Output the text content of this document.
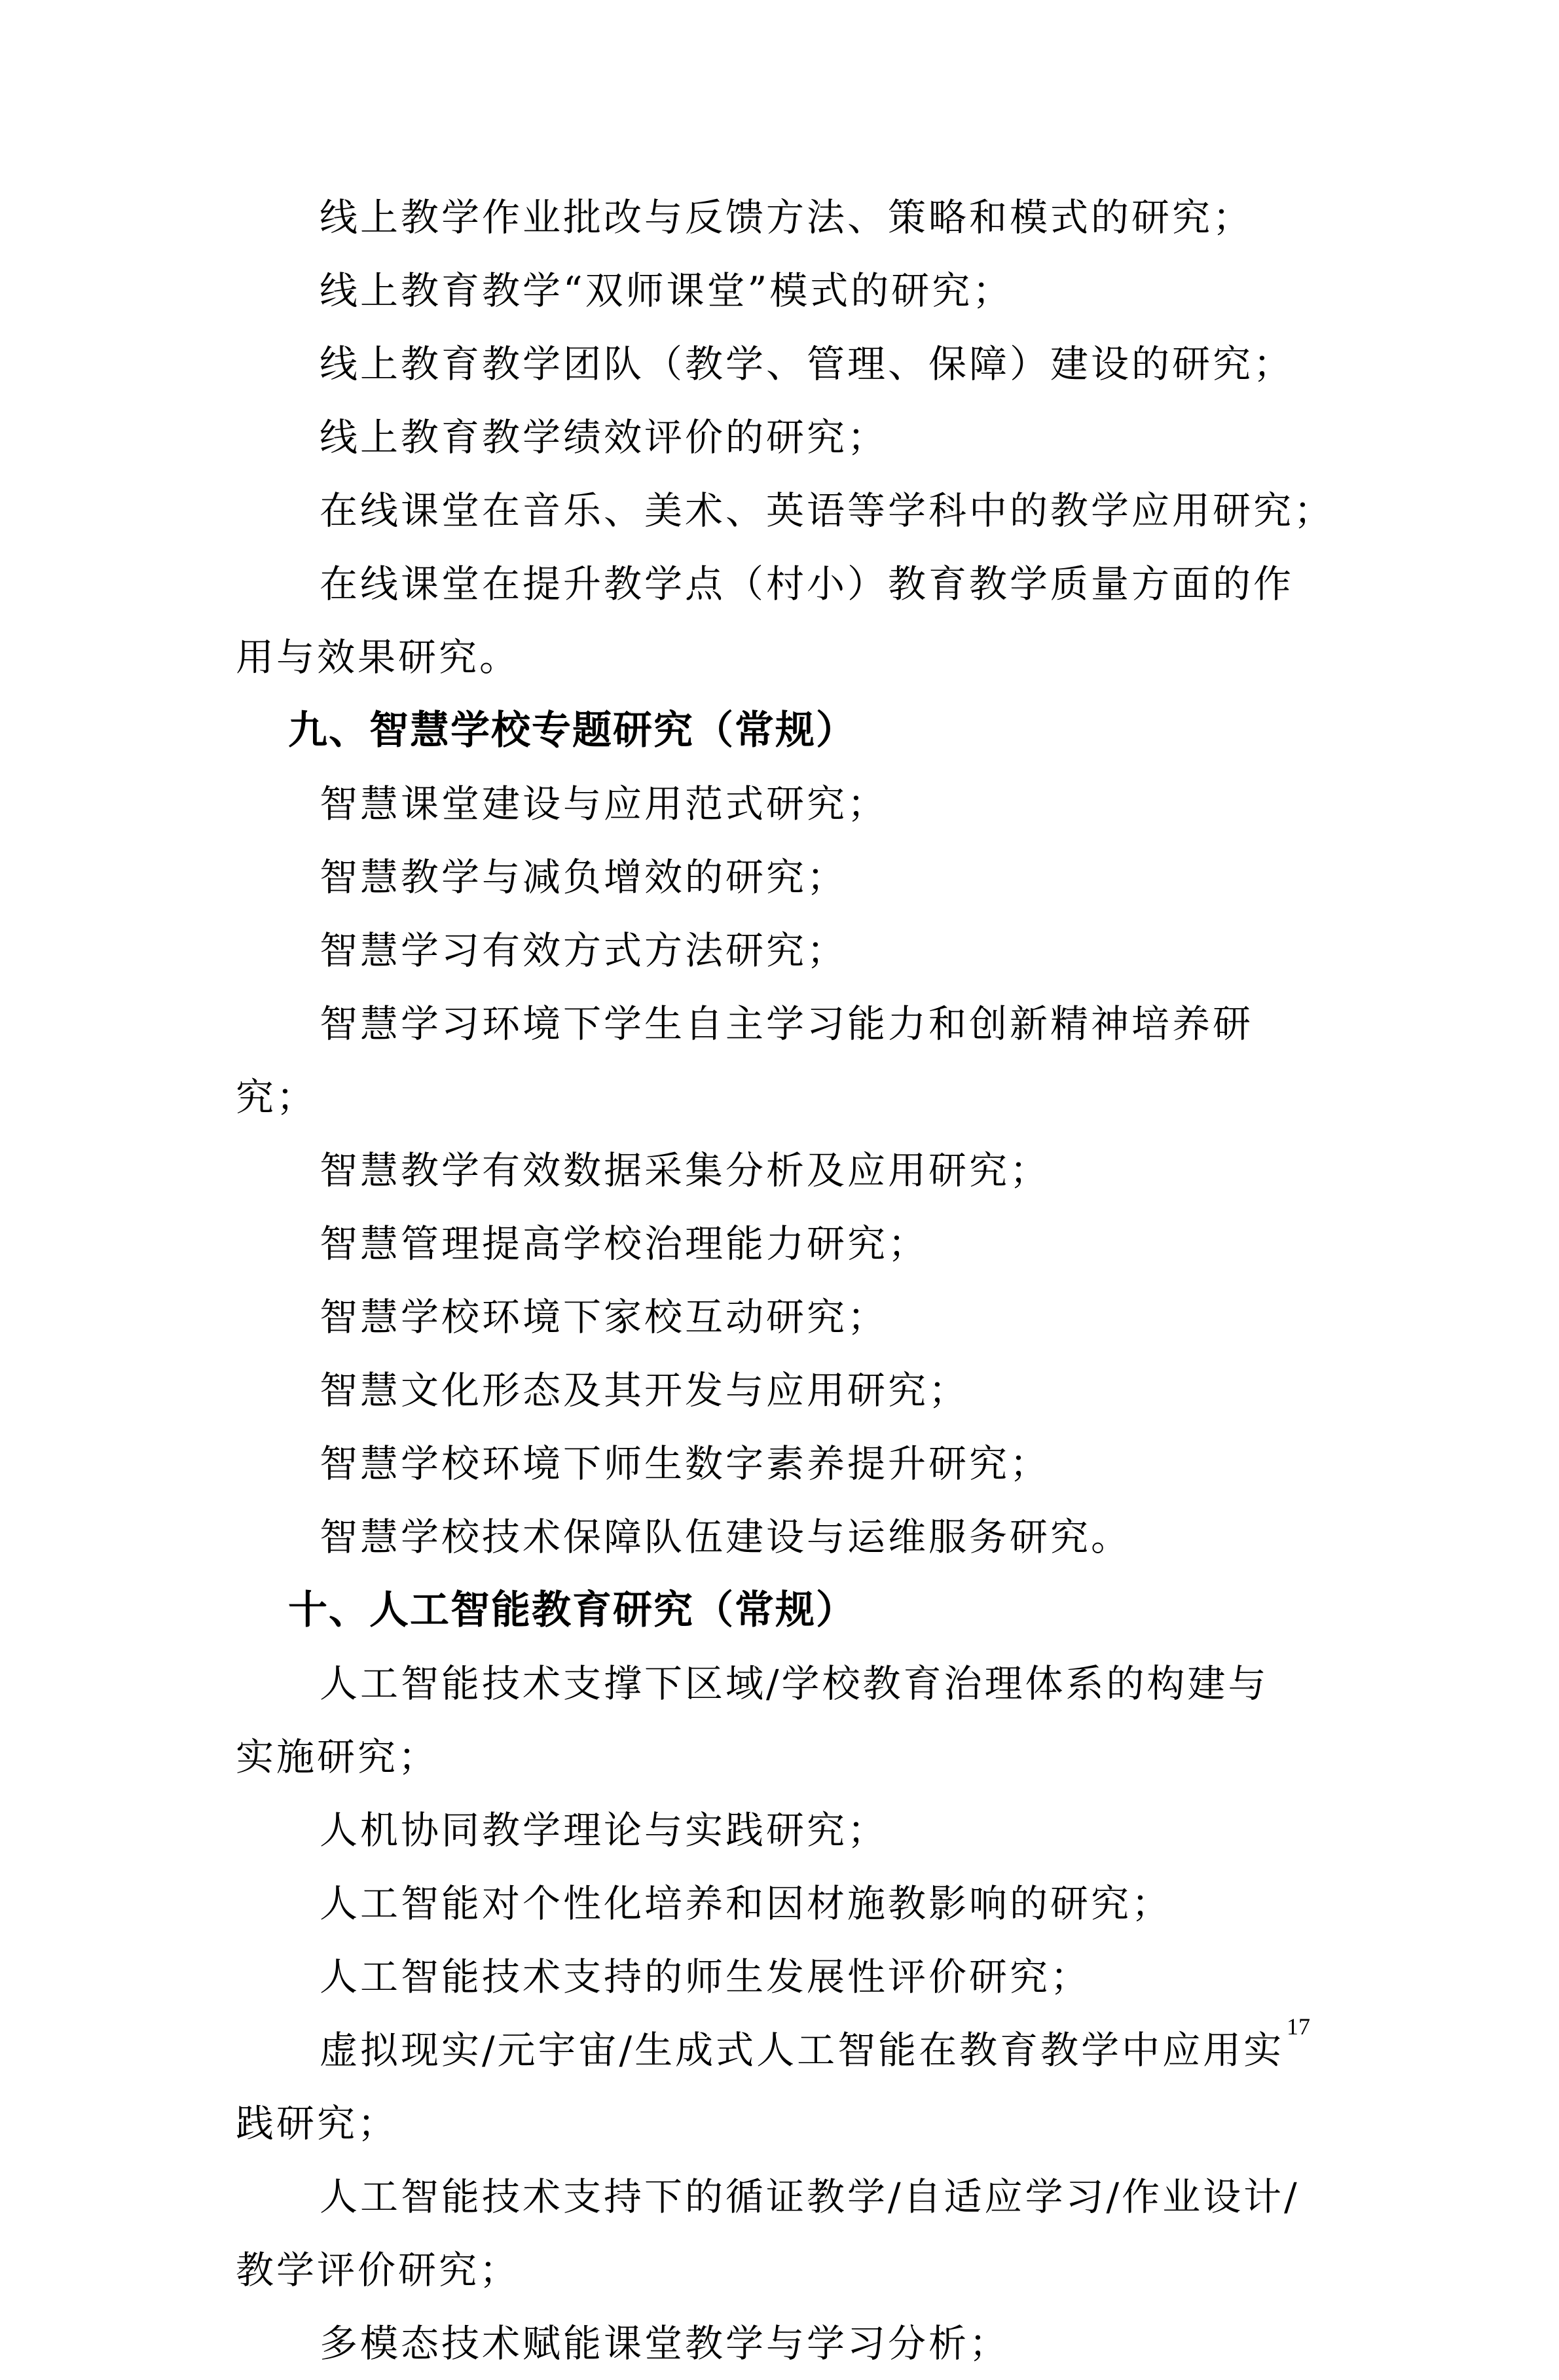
线上教学作业批改与反馈方法、策略和模式的研究；
线上教育教学“双师课堂”模式的研究；
线上教育教学团队（教学、管理、保障）建设的研究；
线上教育教学绩效评价的研究；
在线课堂在音乐、美术、英语等学科中的教学应用研究；
在线课堂在提升教学点（村小）教育教学质量方面的作
用与效果研究。
九、智慧学校专题研究（常规）
智慧课堂建设与应用范式研究；
智慧教学与减负增效的研究；
智慧学习有效方式方法研究；
智慧学习环境下学生自主学习能力和创新精神培养研
究；
智慧教学有效数据采集分析及应用研究；
智慧管理提高学校治理能力研究；
智慧学校环境下家校互动研究；
智慧文化形态及其开发与应用研究；
智慧学校环境下师生数字素养提升研究；
智慧学校技术保障队伍建设与运维服务研究。
十、人工智能教育研究（常规）
人工智能技术支撑下区域/学校教育治理体系的构建与
实施研究；
人机协同教学理论与实践研究；
人工智能对个性化培养和因材施教影响的研究；
人工智能技术支持的师生发展性评价研究；
虚拟现实/元宇宙/生成式人工智能在教育教学中应用实
践研究；
人工智能技术支持下的循证教学/自适应学习/作业设计/
教学评价研究；
多模态技术赋能课堂教学与学习分析；
17
